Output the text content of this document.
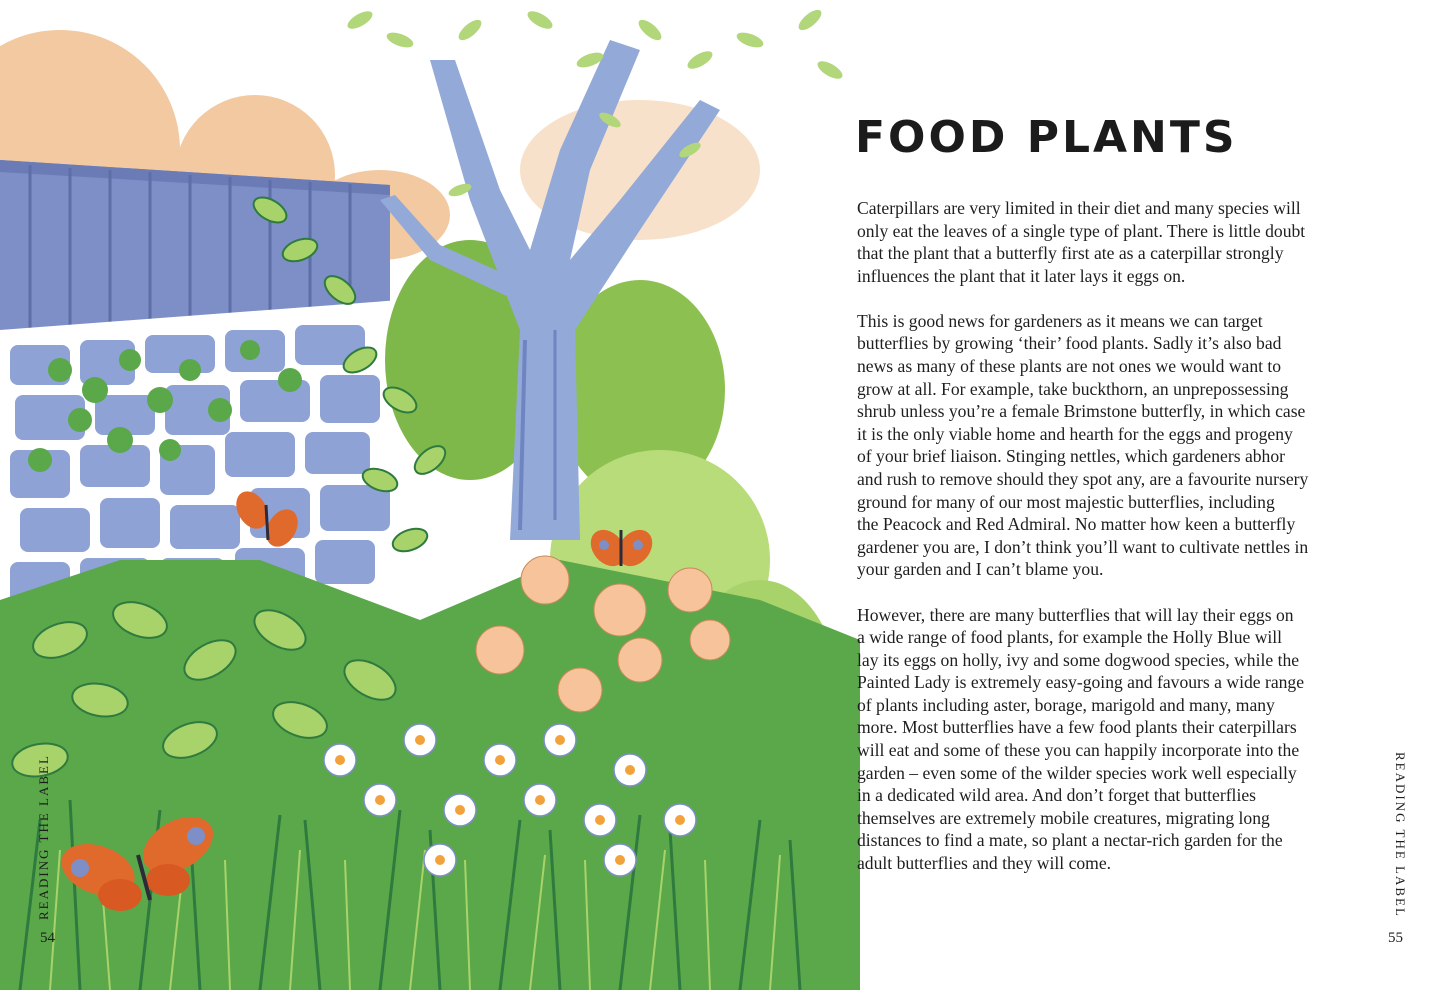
READING THE LABEL
54
FOOD PLANTS

Caterpillars are very limited in their diet and many species will
only eat the leaves of a single type of plant. There is little doubt
that the plant that a butterfly first ate as a caterpillar strongly
influences the plant that it later lays it eggs on.

This is good news for gardeners as it means we can target
butterflies by growing ‘their’ food plants. Sadly it’s also bad
news as many of these plants are not ones we would want to
grow at all. For example, take buckthorn, an unprepossessing
shrub unless you’re a female Brimstone butterfly, in which case
it is the only viable home and hearth for the eggs and progeny
of your brief liaison. Stinging nettles, which gardeners abhor
and rush to remove should they spot any, are a favourite nursery
ground for many of our most majestic butterflies, including
the Peacock and Red Admiral. No matter how keen a butterfly
gardener you are, I don’t think you’ll want to cultivate nettles in
your garden and I can’t blame you.

However, there are many butterflies that will lay their eggs on
a wide range of food plants, for example the Holly Blue will
lay its eggs on holly, ivy and some dogwood species, while the
Painted Lady is extremely easy-going and favours a wide range
of plants including aster, borage, marigold and many, many
more. Most butterflies have a few food plants their caterpillars
will eat and some of these you can happily incorporate into the
garden – even some of the wilder species work well especially
in a dedicated wild area. And don’t forget that butterflies
themselves are extremely mobile creatures, migrating long
distances to find a mate, so plant a nectar-rich garden for the
adult butterflies and they will come.	READING THE LABEL
55
